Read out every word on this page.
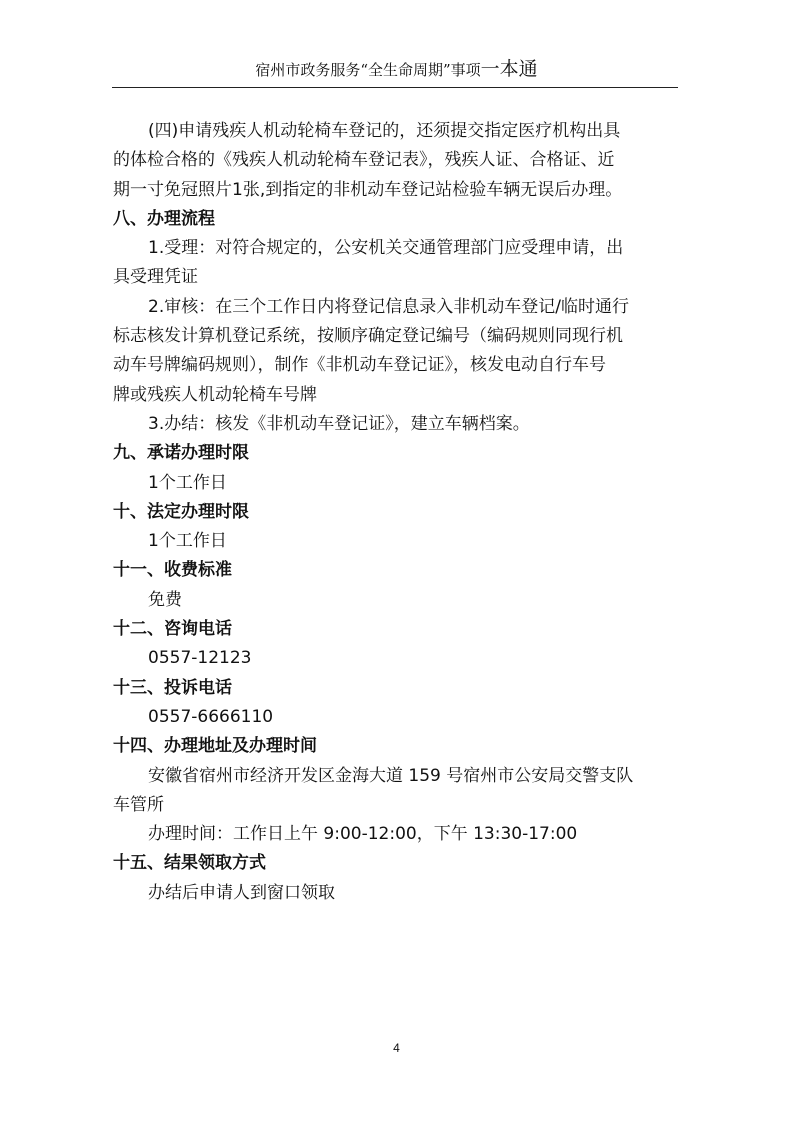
宿州市政务服务“全生命周期”事项一本通
(四)申请残疾人机动轮椅车登记的，还须提交指定医疗机构出具
的体检合格的《残疾人机动轮椅车登记表》，残疾人证、合格证、近
期一寸免冠照片1张,到指定的非机动车登记站检验车辆无误后办理。
八、办理流程
1.受理：对符合规定的，公安机关交通管理部门应受理申请，出
具受理凭证
2.审核：在三个工作日内将登记信息录入非机动车登记/临时通行
标志核发计算机登记系统，按顺序确定登记编号（编码规则同现行机
动车号牌编码规则），制作《非机动车登记证》，核发电动自行车号
牌或残疾人机动轮椅车号牌
3.办结：核发《非机动车登记证》，建立车辆档案。
九、承诺办理时限
1个工作日
十、法定办理时限
1个工作日
十一、收费标准
免费
十二、咨询电话
0557-12123
十三、投诉电话
0557-6666110
十四、办理地址及办理时间
安徽省宿州市经济开发区金海大道 159 号宿州市公安局交警支队
车管所
办理时间：工作日上午 9:00-12:00，下午 13:30-17:00
十五、结果领取方式
办结后申请人到窗口领取
4
